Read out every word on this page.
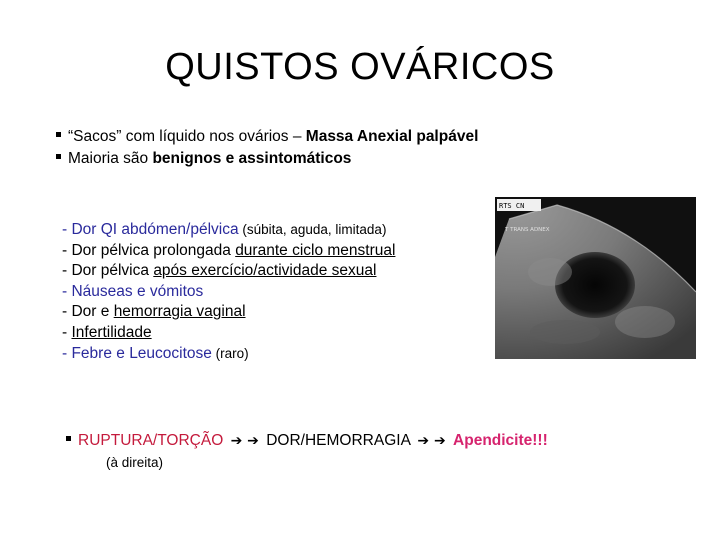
QUISTOS OVÁRICOS
“Sacos” com líquido nos ovários – Massa Anexial palpável
Maioria são benignos e assintomáticos
- Dor QI abdómen/pélvica (súbita, aguda, limitada)
- Dor pélvica prolongada durante ciclo menstrual
- Dor pélvica após exercício/actividade sexual
- Náuseas e vómitos
- Dor e hemorragia vaginal
- Infertilidade
- Febre e Leucocitose (raro)
RTS CN
T TRANS ADNEX
RUPTURA/TORÇÃO ➔ ➔ DOR/HEMORRAGIA ➔ ➔ Apendicite!!!
(à direita)
